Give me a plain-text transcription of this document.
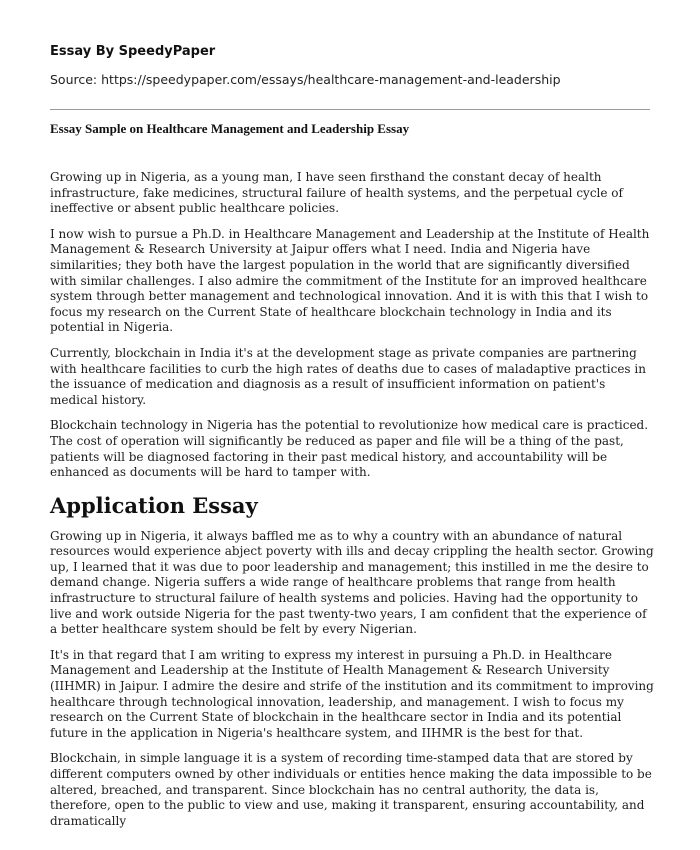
Essay By SpeedyPaper
Source: https://speedypaper.com/essays/healthcare-management-and-leadership
Essay Sample on Healthcare Management and Leadership Essay

Growing up in Nigeria, as a young man, I have seen firsthand the constant decay of health infrastructure, fake medicines, structural failure of health systems, and the perpetual cycle of ineffective or absent public healthcare policies.

I now wish to pursue a Ph.D. in Healthcare Management and Leadership at the Institute of Health Management & Research University at Jaipur offers what I need. India and Nigeria have similarities; they both have the largest population in the world that are significantly diversified with similar challenges. I also admire the commitment of the Institute for an improved healthcare system through better management and technological innovation. And it is with this that I wish to focus my research on the Current State of healthcare blockchain technology in India and its potential in Nigeria.

Currently, blockchain in India it's at the development stage as private companies are partnering with healthcare facilities to curb the high rates of deaths due to cases of maladaptive practices in the issuance of medication and diagnosis as a result of insufficient information on patient's medical history.

Blockchain technology in Nigeria has the potential to revolutionize how medical care is practiced. The cost of operation will significantly be reduced as paper and file will be a thing of the past, patients will be diagnosed factoring in their past medical history, and accountability will be enhanced as documents will be hard to tamper with.

Application Essay

Growing up in Nigeria, it always baffled me as to why a country with an abundance of natural resources would experience abject poverty with ills and decay crippling the health sector. Growing up, I learned that it was due to poor leadership and management; this instilled in me the desire to demand change. Nigeria suffers a wide range of healthcare problems that range from health infrastructure to structural failure of health systems and policies. Having had the opportunity to live and work outside Nigeria for the past twenty-two years, I am confident that the experience of a better healthcare system should be felt by every Nigerian.

It's in that regard that I am writing to express my interest in pursuing a Ph.D. in Healthcare Management and Leadership at the Institute of Health Management & Research University (IIHMR) in Jaipur. I admire the desire and strife of the institution and its commitment to improving healthcare through technological innovation, leadership, and management. I wish to focus my research on the Current State of blockchain in the healthcare sector in India and its potential future in the application in Nigeria's healthcare system, and IIHMR is the best for that.

Blockchain, in simple language it is a system of recording time-stamped data that are stored by different computers owned by other individuals or entities hence making the data impossible to be altered, breached, and transparent. Since blockchain has no central authority, the data is, therefore, open to the public to view and use, making it transparent, ensuring accountability, and dramatically
